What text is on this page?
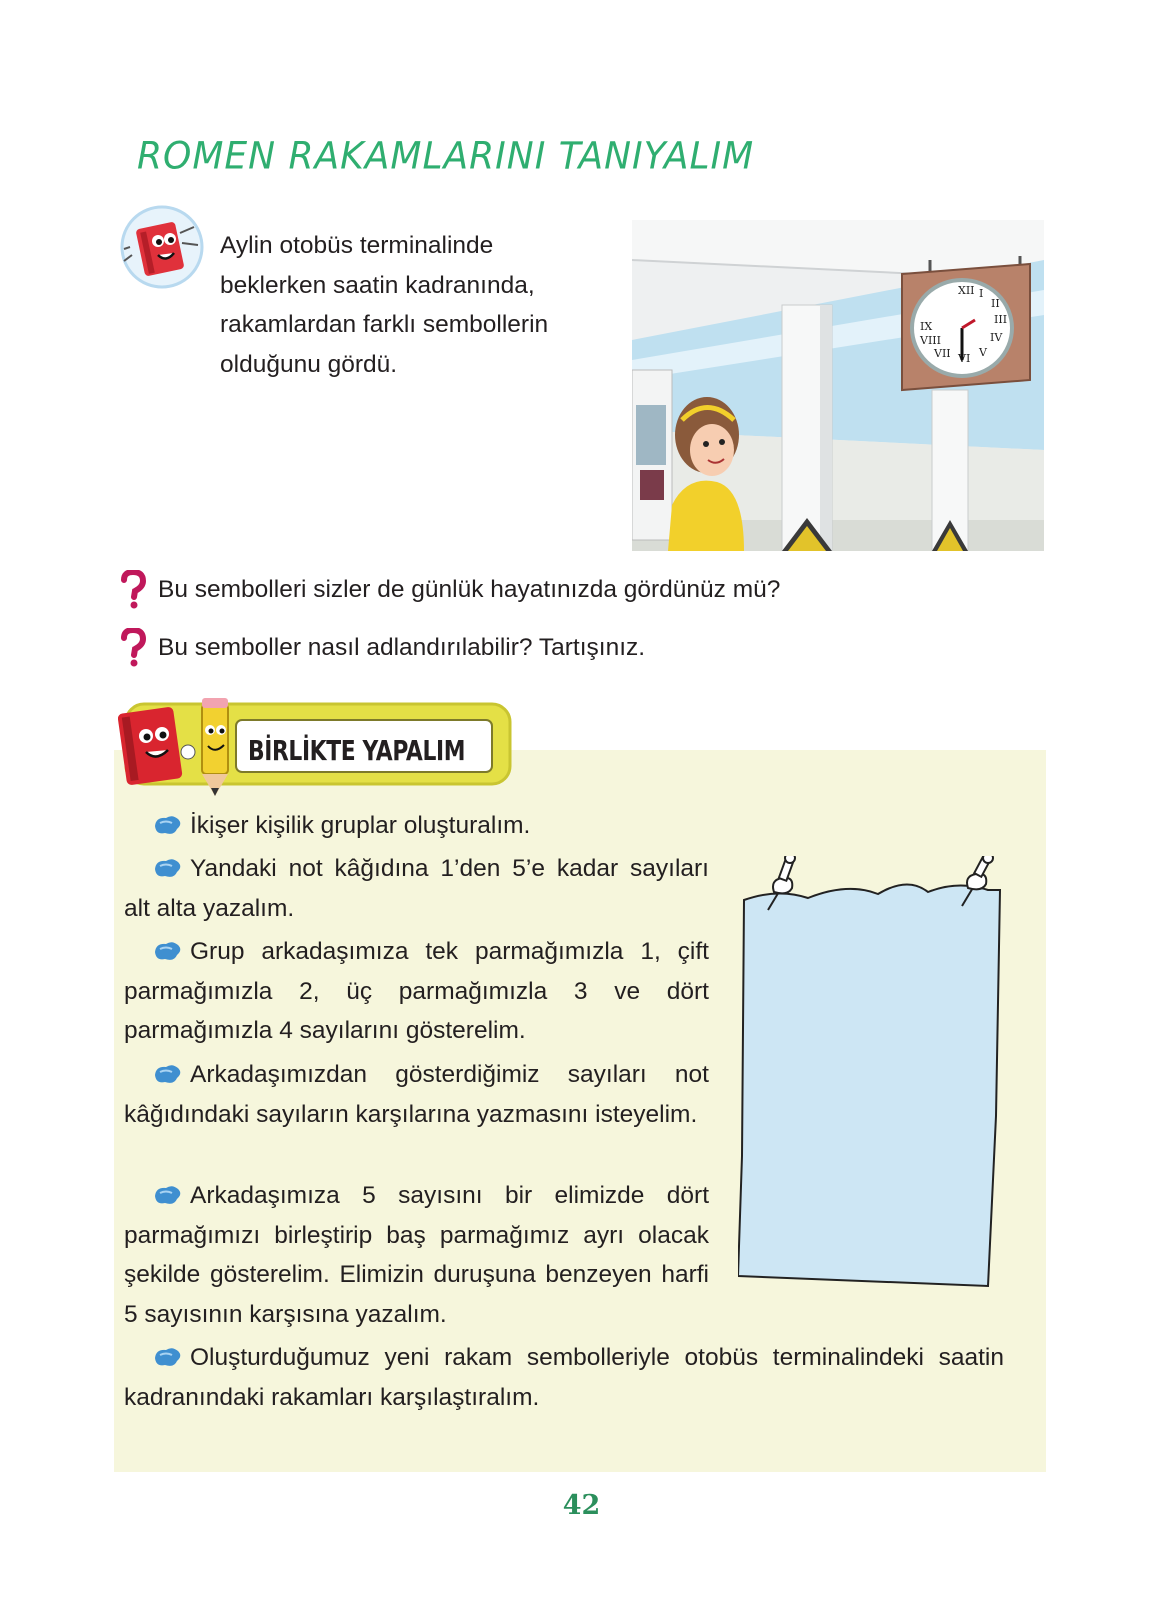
ROMEN RAKAMLARINI TANIYALIM
Aylin otobüs terminalinde beklerken saatin kadranında, rakamlardan farklı sembollerin olduğunu gördü.
XII I
II
III
IV
V
VI
VII
VIII
IX
Bu sembolleri sizler de günlük hayatınızda gördünüz mü?
Bu semboller nasıl adlandırılabilir? Tartışınız.
BİRLİKTE YAPALIM
İkişer kişilik gruplar oluşturalım.
Yandaki not kâğıdına 1’den 5’e kadar sayıları alt alta yazalım.
Grup arkadaşımıza tek parmağımızla 1, çift parmağımızla 2, üç parmağımızla 3 ve dört parmağımızla 4 sayılarını gösterelim.
Arkadaşımızdan gösterdiğimiz sayıları not kâğıdındaki sayıların karşılarına yazmasını isteyelim.
Arkadaşımıza 5 sayısını bir elimizde dört parmağımızı birleştirip baş parmağımız ayrı olacak şekilde gösterelim. Elimizin duruşuna benzeyen harfi 5 sayısının karşısına yazalım.
Oluşturduğumuz yeni rakam sembolleriyle otobüs terminalindeki saatin kadranındaki rakamları karşılaştıralım.
42
